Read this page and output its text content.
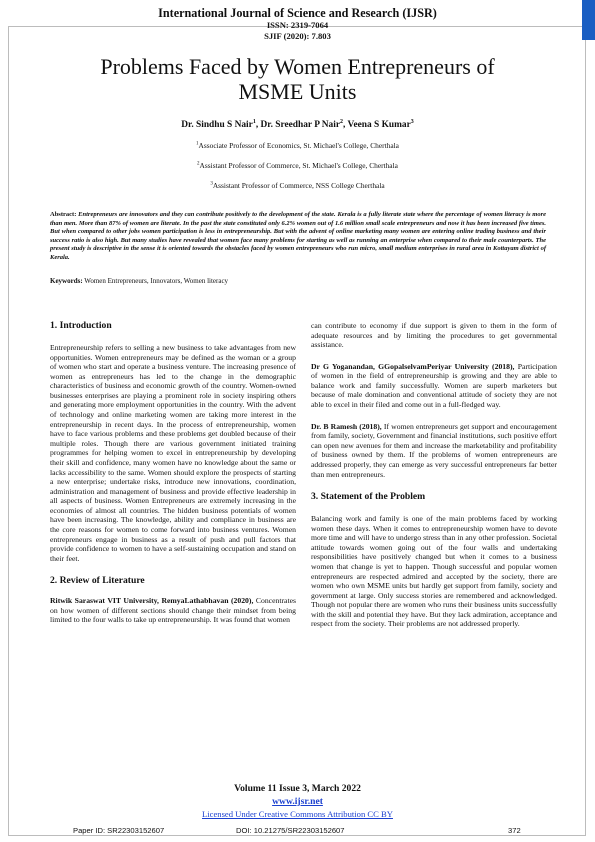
International Journal of Science and Research (IJSR)
ISSN: 2319-7064
SJIF (2020): 7.803
Problems Faced by Women Entrepreneurs of
MSME Units
Dr. Sindhu S Nair$^1$, Dr. Sreedhar P Nair$^2$, Veena S Kumar$^3$
$^1$Associate Professor of Economics, St. Michael's College, Cherthala
$^2$Assistant Professor of Commerce, St. Michael's College, Cherthala
$^3$Assistant Professor of Commerce, NSS College Cherthala
Abstract: Entrepreneurs are innovators and they can contribute positively to the development of the state. Kerala is a fully literate state where the percentage of women literacy is more than men. More than 87% of women are literate. In the past the state constituted only 6.2% women out of 1.6 million small scale entrepreneurs and now it has been increased five times. But when compared to other jobs women participation is less in entrepreneurship. But with the advent of online marketing many women are entering online trading business and their success ratio is also high. But many studies have revealed that women face many problems for starting as well as running an enterprise when compared to their male counterparts. The present study is descriptive in the sense it is oriented towards the obstacles faced by women entrepreneurs who run micro, small medium enterprises in rural area in Kottayam district of Kerala.
Keywords: Women Entrepreneurs, Innovators, Women literacy

1. Introduction

Entrepreneurship refers to selling a new business to take advantages from new opportunities. Women entrepreneurs may be defined as the woman or a group of women who start and operate a business venture. The increasing presence of women as entrepreneurs has led to the change in the demographic characteristics of business and economic growth of the country. Women-owned businesses enterprises are playing a prominent role in society inspiring others and generating more employment opportunities in the country. With the advent of technology and online marketing women are taking more interest in the entrepreneurship in recent days. In the process of entrepreneurship, women have to face various problems and these problems get doubled because of their multiple roles. Though there are various government initiated training programmes for helping women to excel in entrepreneurship by developing their skill and confidence, many women have no knowledge about the same or lacks accessibility to the same. Women should explore the prospects of starting a new enterprise; undertake risks, introduce new innovations, coordination, administration and management of business and provide effective leadership in all aspects of business. Women Entrepreneurs are extremely increasing in the economies of almost all countries. The hidden business potentials of women have been increasing. The knowledge, ability and compliance in business are the core reasons for women to come forward into business ventures. Women entrepreneurs engage in business as a result of push and pull factors that provide confidence to women to have a self-sustaining occupation and stand on their feet.

2. Review of Literature

Ritwik Saraswat VIT University, RemyaLathabhavan (2020), Concentrates on how women of different sections should change their mindset from being limited to the four walls to take up entrepreneurship. It was found that women

can contribute to economy if due support is given to them in the form of adequate resources and by limiting the procedures to get governmental assistance.

Dr G Yoganandan, GGopalselvamPeriyar University (2018), Participation of women in the field of entrepreneurship is growing and they are able to balance work and family successfully. Women are superb marketers but because of male domination and conventional attitude of society they are not able to excel in their filed and come out in a full-fledged way.

Dr. B Ramesh (2018), If women entrepreneurs get support and encouragement from family, society, Government and financial institutions, such positive effort can open new avenues for them and increase the marketability and profitability of business owned by them. If the problems of women entrepreneurs are addressed properly, they can emerge as very successful entrepreneurs far better than men entrepreneurs.

3. Statement of the Problem

Balancing work and family is one of the main problems faced by working women these days. When it comes to entrepreneurship women have to devote more time and will have to undergo stress than in any other profession. Societal attitude towards women going out of the four walls and undertaking responsibilities have positively changed but when it comes to a business women that change is yet to happen. Though successful and popular women entrepreneurs are respected admired and accepted by the society, there are women who own MSME units but hardly get support from family, society and government at large. Only success stories are remembered and acknowledged. Though not popular there are women who runs their business units successfully with the skill and potential they have. But they lack admiration, acceptance and respect from the society. Their problems are not addressed properly.

Volume 11 Issue 3, March 2022
www.ijsr.net
Licensed Under Creative Commons Attribution CC BY
Paper ID: SR22303152607	DOI: 10.21275/SR22303152607	372
